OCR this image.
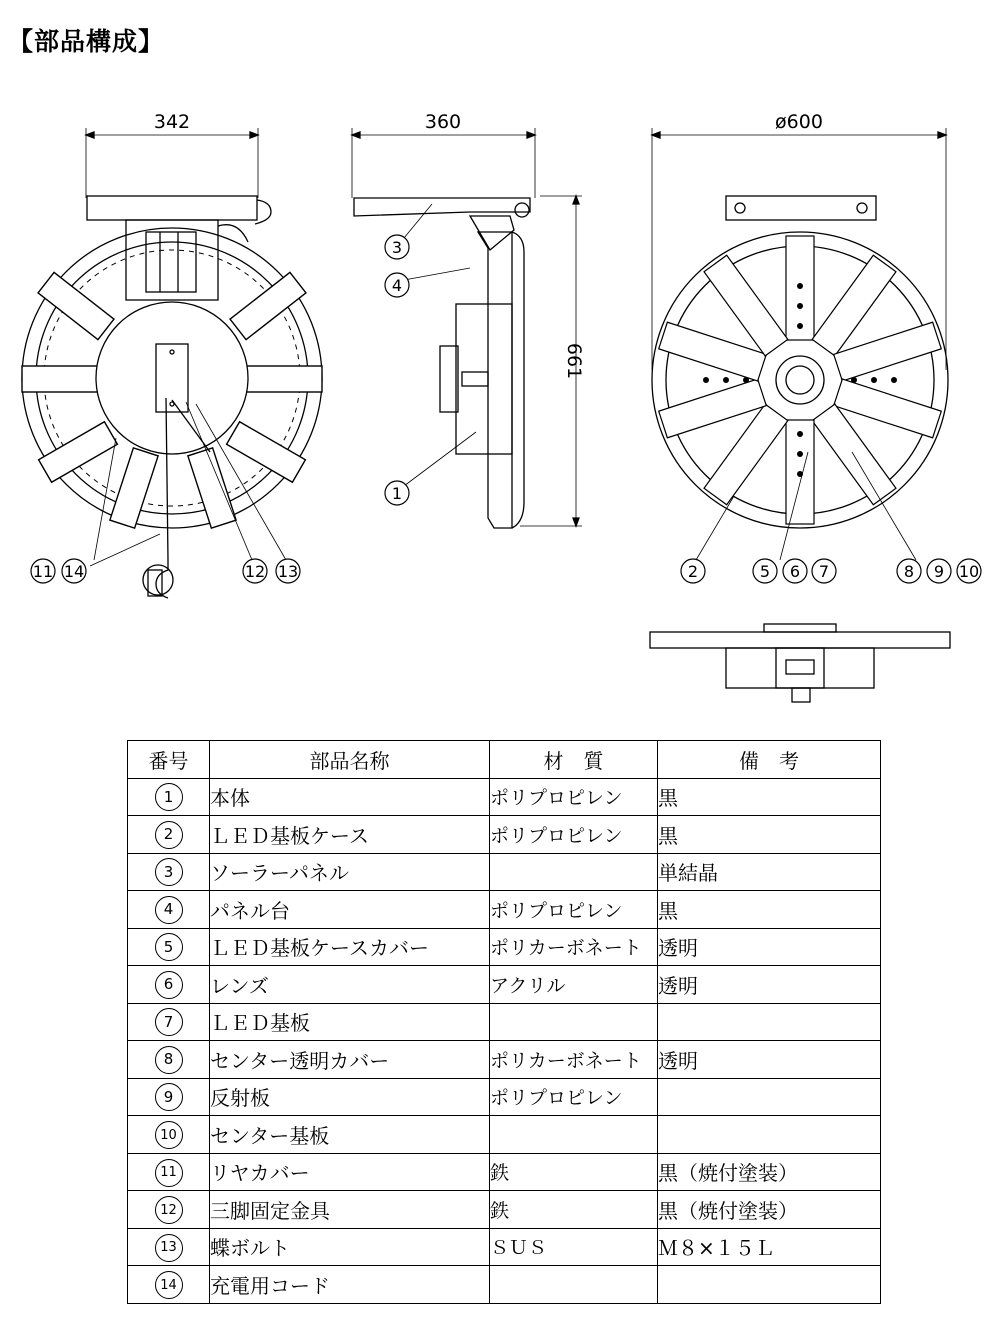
【部品構成】
342	360
661
ø600
3
4
1
2	5 6 7	8 9 10
11 14	12 13
番号	部品名称	材　質	備　考
1	本体	ポリプロピレン	黒
2	ＬＥＤ基板ケース	ポリプロピレン	黒
3	ソーラーパネル		単結晶
4	パネル台	ポリプロピレン	黒
5	ＬＥＤ基板ケースカバー	ポリカーボネート	透明
6	レンズ	アクリル	透明
7	ＬＥＤ基板		
8	センター透明カバー	ポリカーボネート	透明
9	反射板	ポリプロピレン	
10	センター基板		
11	リヤカバー	鉄	黒（焼付塗装）
12	三脚固定金具	鉄	黒（焼付塗装）
13	蝶ボルト	ＳＵＳ	Ｍ８×１５Ｌ
14	充電用コード		
